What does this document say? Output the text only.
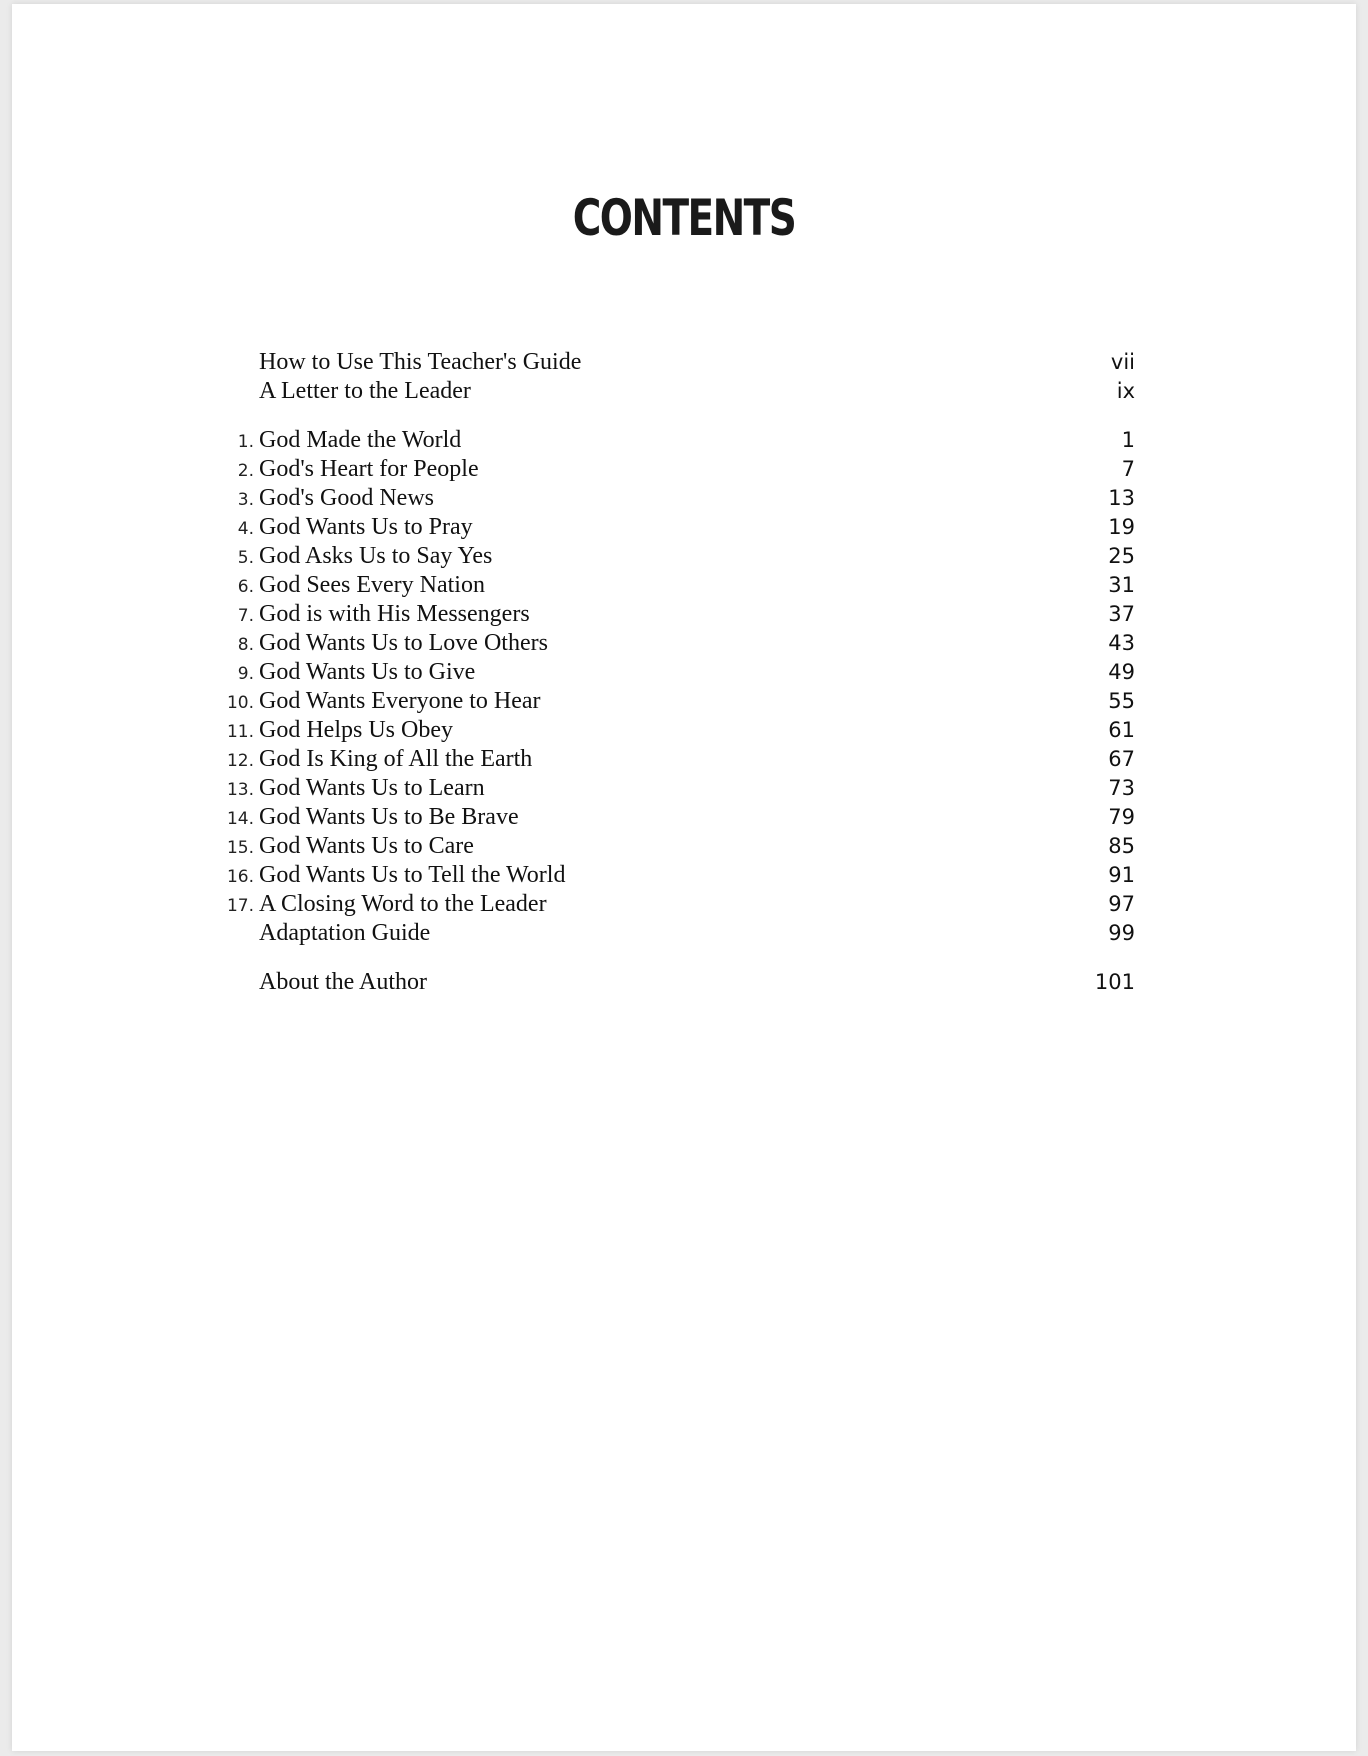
CONTENTS
How to Use This Teacher's Guide	vii
A Letter to the Leader	ix
1. God Made the World	1
2. God's Heart for People	7
3. God's Good News	13
4. God Wants Us to Pray	19
5. God Asks Us to Say Yes	25
6. God Sees Every Nation	31
7. God is with His Messengers	37
8. God Wants Us to Love Others	43
9. God Wants Us to Give	49
10. God Wants Everyone to Hear	55
11. God Helps Us Obey	61
12. God Is King of All the Earth	67
13. God Wants Us to Learn	73
14. God Wants Us to Be Brave	79
15. God Wants Us to Care	85
16. God Wants Us to Tell the World	91
17. A Closing Word to the Leader	97
Adaptation Guide	99
About the Author	101
